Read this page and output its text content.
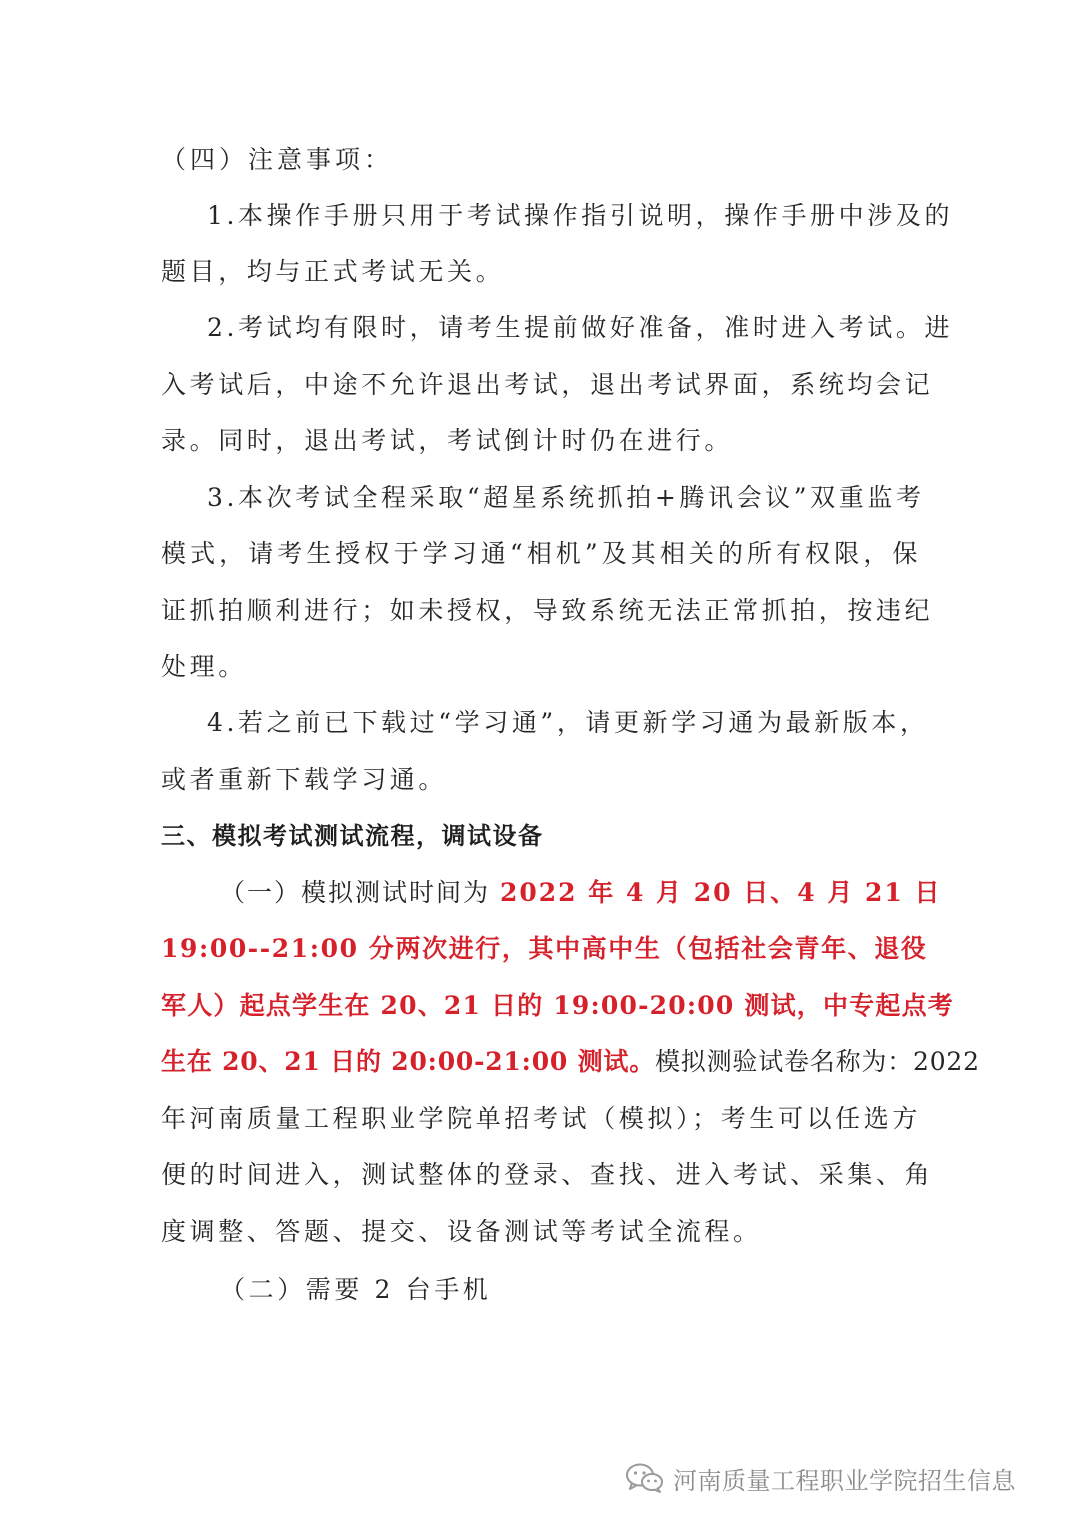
（四）注意事项：
1.本操作手册只用于考试操作指引说明，操作手册中涉及的
题目，均与正式考试无关。
2.考试均有限时，请考生提前做好准备，准时进入考试。进
入考试后，中途不允许退出考试，退出考试界面，系统均会记
录。同时，退出考试，考试倒计时仍在进行。
3.本次考试全程采取“超星系统抓拍+腾讯会议”双重监考
模式，请考生授权于学习通“相机”及其相关的所有权限，保
证抓拍顺利进行；如未授权，导致系统无法正常抓拍，按违纪
处理。
4.若之前已下载过“学习通”，请更新学习通为最新版本，
或者重新下载学习通。
三、模拟考试测试流程，调试设备
（一）模拟测试时间为 2022 年 4 月 20 日、4 月 21 日
19:00--21:00 分两次进行，其中高中生（包括社会青年、退役
军人）起点学生在 20、21 日的 19:00-20:00 测试，中专起点考
生在 20、21 日的 20:00-21:00 测试。模拟测验试卷名称为：2022
年河南质量工程职业学院单招考试（模拟）；考生可以任选方
便的时间进入，测试整体的登录、查找、进入考试、采集、角
度调整、答题、提交、设备测试等考试全流程。
（二）需要 2 台手机
河南质量工程职业学院招生信息
